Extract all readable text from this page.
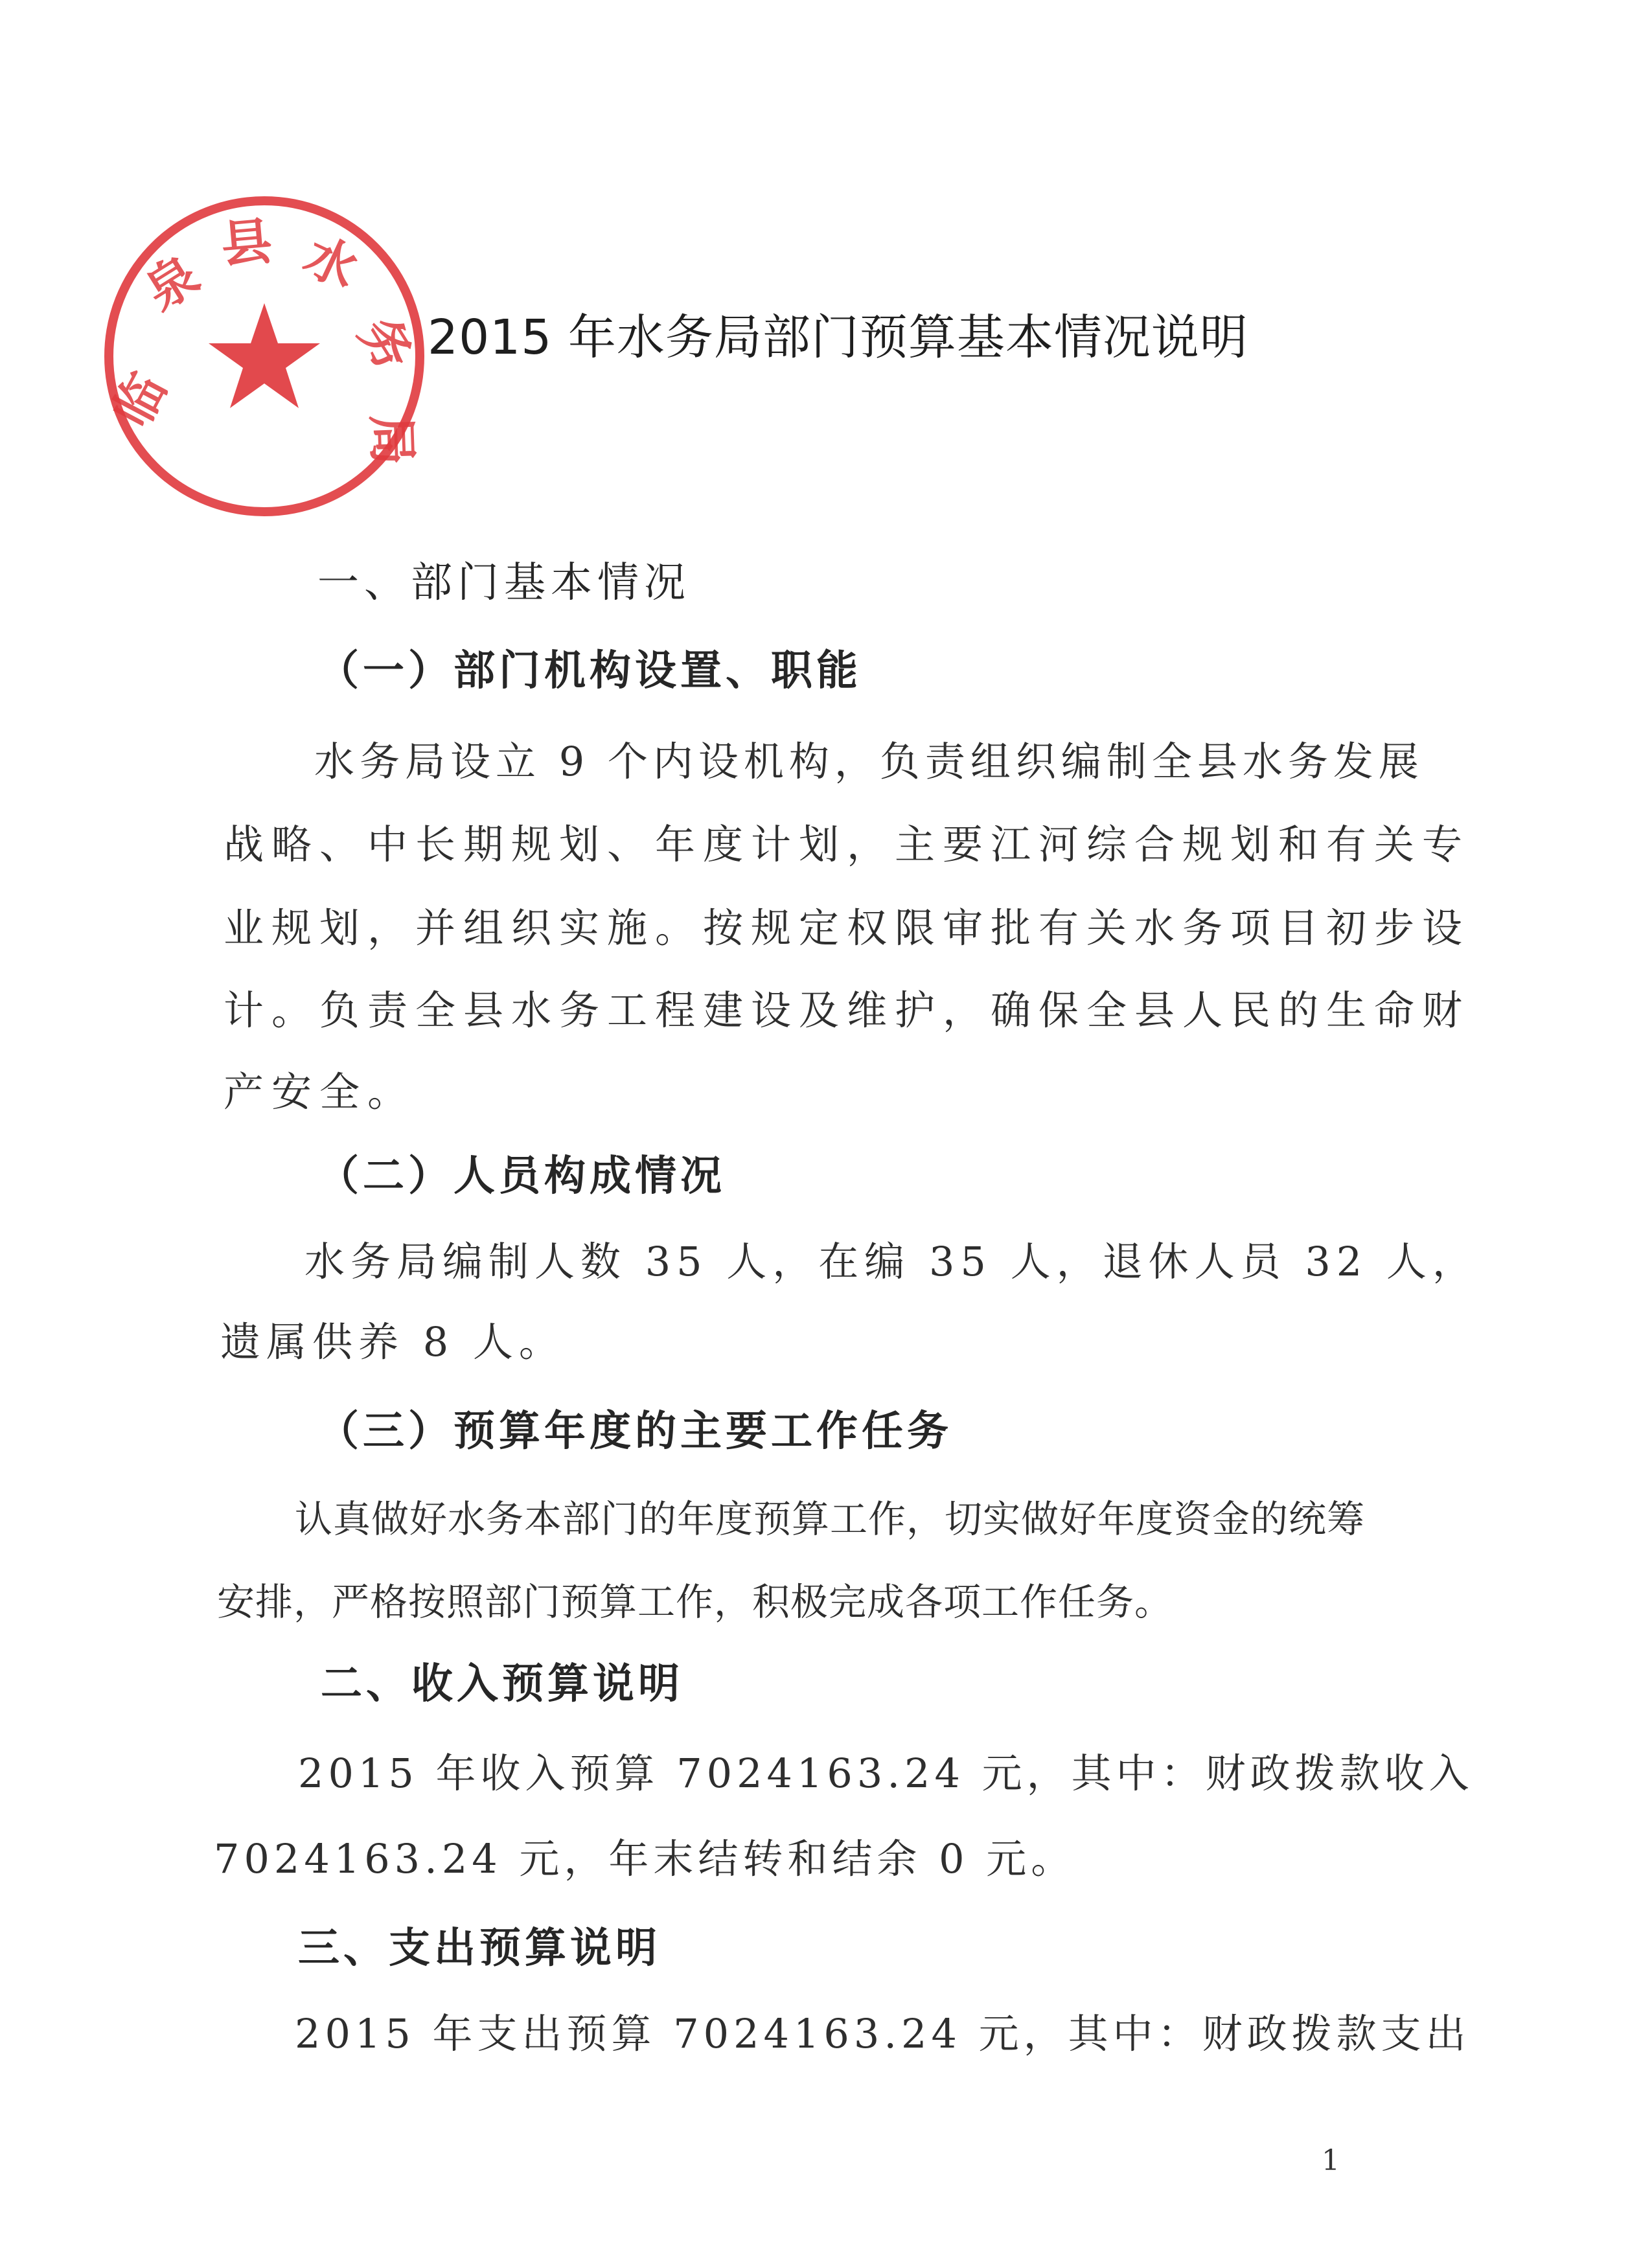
临
泉
县 水
务
局
2015 年水务局部门预算基本情况说明
一、部门基本情况
（一）部门机构设置、职能
水务局设立 9 个内设机构，负责组织编制全县水务发展
战略、中长期规划、年度计划，主要江河综合规划和有关专
业规划，并组织实施。按规定权限审批有关水务项目初步设
计。负责全县水务工程建设及维护，确保全县人民的生命财
产安全。
（二）人员构成情况
水务局编制人数 35 人，在编 35 人，退休人员 32 人，
遗属供养 8 人。
（三）预算年度的主要工作任务
认真做好水务本部门的年度预算工作，切实做好年度资金的统筹
安排，严格按照部门预算工作，积极完成各项工作任务。
二、收入预算说明
2015 年收入预算 7024163.24 元，其中：财政拨款收入
7024163.24 元，年末结转和结余 0 元。
三、支出预算说明
2015 年支出预算 7024163.24 元，其中：财政拨款支出
1
